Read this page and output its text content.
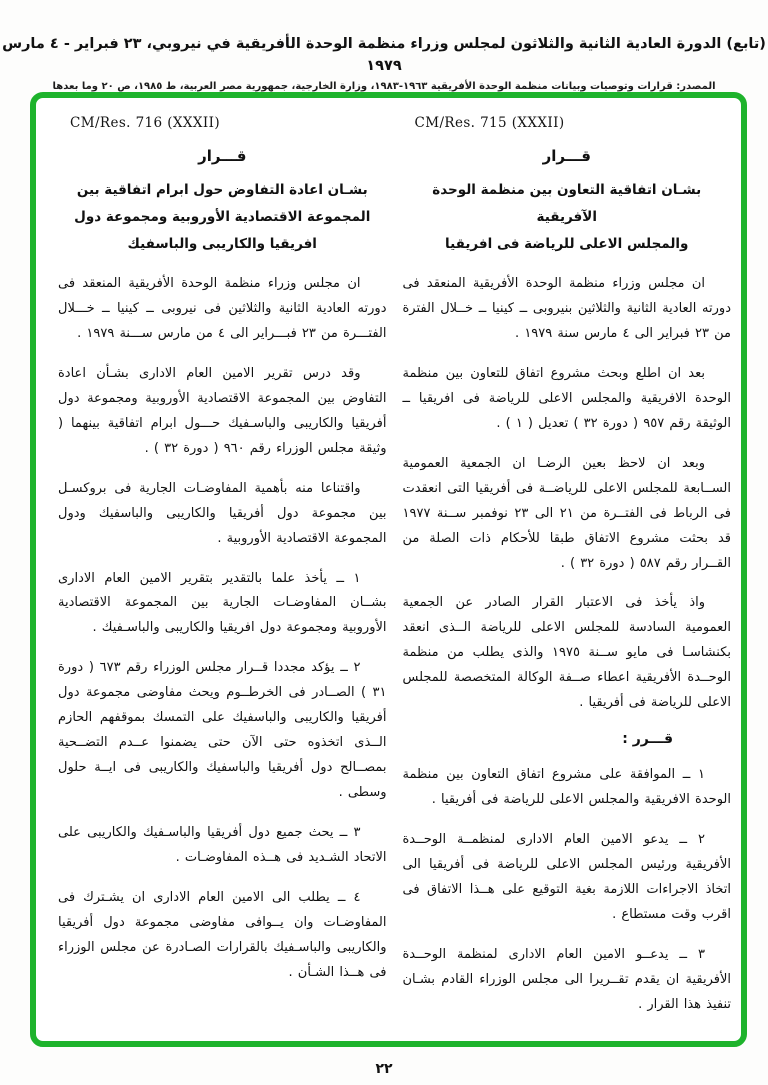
(تابع) الدورة العادية الثانية والثلاثون لمجلس وزراء منظمة الوحدة الأفريقية في نيروبي، ٢٣ فبراير - ٤ مارس ١٩٧٩
المصدر: قرارات وتوصيات وبيانات منظمة الوحدة الأفريقية ١٩٦٣-١٩٨٣، وزارة الخارجية، جمهورية مصر العربية، ط ١٩٨٥، ص ٢٠ وما بعدها
CM/Res. 715 (XXXII)
قـــرار
بشـان اتفاقية التعاون بين منظمة الوحدة الآفريقية
والمجلس الاعلى للرياضة فى افريقيا

ان مجلس وزراء منظمة الوحدة الأفريقية المنعقد فى دورته العادية الثانية والثلاثين بنيروبى ــ كينيا ــ خــلال الفترة من ٢٣ فبراير الى ٤ مارس سنة ١٩٧٩ .

بعد ان اطلع وبحث مشروع اتفاق للتعاون بين منظمة الوحدة الافريقية والمجلس الاعلى للرياضة فى افريقيا ــ الوثيقة رقم ٩٥٧ ( دورة ٣٢ ) تعديل ( ١ ) .

وبعد ان لاحظ بعين الرضـا ان الجمعية العمومية الســابعة للمجلس الاعلى للرياضــة فى أفريقيا التى انعقدت فى الرباط فى الفتــرة من ٢١ الى ٢٣ نوفمبر ســنة ١٩٧٧ قد بحثت مشروع الاتفاق طبقا للأحكام ذات الصلة من القــرار رقم ٥٨٧ ( دورة ٣٢ ) .

واذ يأخذ فى الاعتبار القرار الصادر عن الجمعية العمومية السادسة للمجلس الاعلى للرياضة الــذى انعقد بكنشاسـا فى مايو ســنة ١٩٧٥ والذى يطلب من منظمة الوحــدة الأفريقية اعطاء صــفة الوكالة المتخصصة للمجلس الاعلى للرياضة فى أفريقيا .

قـــرر :

١ ــ الموافقة على مشروع اتفاق التعاون بين منظمة الوحدة الافريقية والمجلس الاعلى للرياضة فى أفريقيا .

٢ ــ يدعو الامين العام الادارى لمنظمــة الوحــدة الأفريقية ورئيس المجلس الاعلى للرياضة فى أفريقيا الى اتخاذ الاجراءات اللازمة بغية التوقيع على هــذا الاتفاق فى اقرب وقت مستطاع .

٣ ــ يدعــو الامين العام الادارى لمنظمة الوحــدة الأفريقية ان يقدم تقــريرا الى مجلس الوزراء القادم بشـان تنفيذ هذا القرار .

CM/Res. 716 (XXXII)
قـــرار
بشـان اعادة التفاوض حول ابرام اتفاقية بين
المجموعة الاقتصادية الأوروبية ومجموعة دول
افريقيا والكاريبى والباسفيك

ان مجلس وزراء منظمة الوحدة الأفريقية المنعقد فى دورته العادية الثانية والثلاثين فى نيروبى ــ كينيا ــ خـــلال الفتـــرة من ٢٣ فبـــراير الى ٤ من مارس ســـنة ١٩٧٩ .

وقد درس تقرير الامين العام الادارى بشـأن اعادة التفاوض بين المجموعة الاقتصادية الأوروبية ومجموعة دول أفريقيا والكاريبى والباسـفيك حـــول ابرام اتفاقية بينهما ( وثيقة مجلس الوزراء رقم ٩٦٠ ( دورة ٣٢ ) .

واقتناعا منه بأهمية المفاوضـات الجارية فى بروكسـل بين مجموعة دول أفريقيا والكاريبى والباسفيك ودول المجموعة الاقتصادية الأوروبية .

١ ــ يأخذ علما بالتقدير بتقرير الامين العام الادارى بشــان المفاوضـات الجارية بين المجموعة الاقتصادية الأوروبية ومجموعة دول افريقيا والكاريبى والباسـفيك .

٢ ــ يؤكد مجددا قــرار مجلس الوزراء رقم ٦٧٣ ( دورة ٣١ ) الصــادر فى الخرطــوم ويحث مفاوضى مجموعة دول أفريقيا والكاريبى والباسفيك على التمسك بموقفهم الحازم الــذى اتخذوه حتى الآن حتى يضمنوا عــدم التضــحية بمصــالح دول أفريقيا والباسفيك والكاريبى فى ايــة حلول وسطى .

٣ ــ يحث جميع دول أفريقيا والباسـفيك والكاريبى على الاتحاد الشـديد فى هــذه المفاوضـات .

٤ ــ يطلب الى الامين العام الادارى ان يشـترك فى المفاوضـات وان يــوافى مفاوضى مجموعة دول أفريقيا والكاريبى والباسـفيك بالقرارات الصـادرة عن مجلس الوزراء فى هــذا الشـأن .

٢٢
